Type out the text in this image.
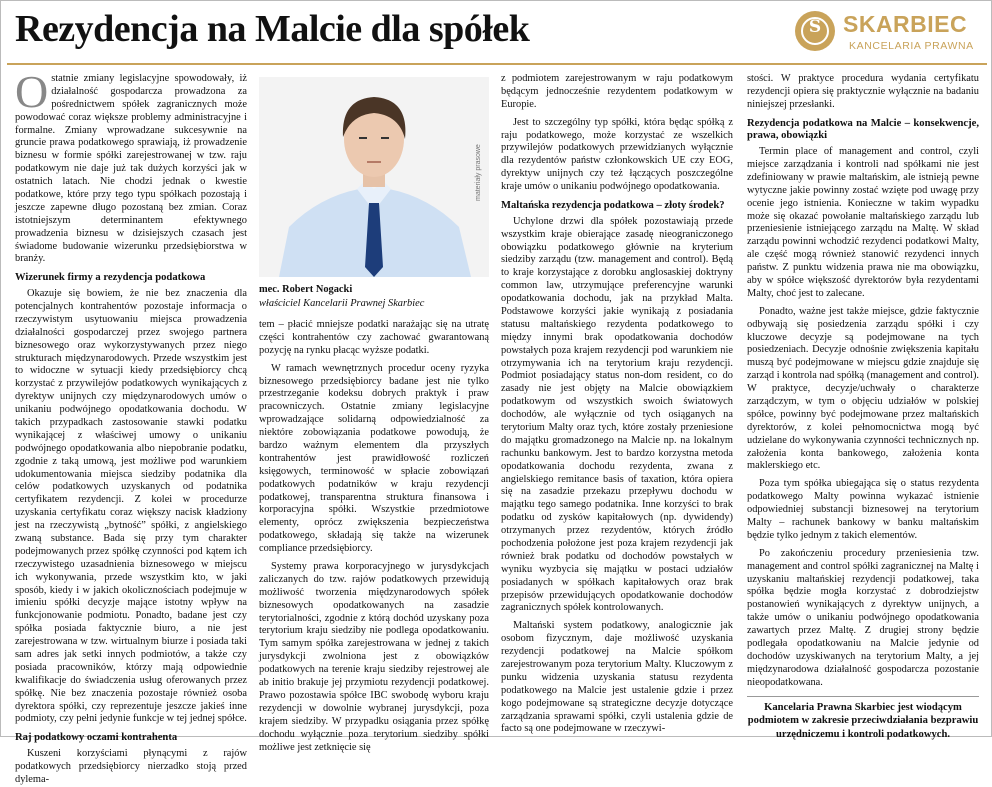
Rezydencja na Malcie dla spółek	S SKARBIEC
KANCELARIA PRAWNA

Ostatnie zmiany legislacyjne spowodowały, iż działalność gospodarcza prowadzona za pośrednictwem spółek zagranicznych może powodować coraz większe problemy administracyjne i formalne. Zmiany wprowadzane sukcesywnie na gruncie prawa podatkowego sprawiają, iż prowadzenie biznesu w formie spółki zarejestrowanej w tzw. raju podatkowym nie daje już tak dużych korzyści jak w ostatnich latach. Nie chodzi jednak o kwestie podatkowe, które przy tego typu spółkach pozostają i jeszcze zapewne długo pozostaną bez zmian. Coraz istotniejszym determinantem efektywnego prowadzenia biznesu w dzisiejszych czasach jest świadome budowanie wizerunku przedsiębiorstwa w branży.

Wizerunek firmy a rezydencja podatkowa

Okazuje się bowiem, że nie bez znaczenia dla potencjalnych kontrahentów pozostaje informacja o rzeczywistym usytuowaniu miejsca prowadzenia działalności gospodarczej przez swojego partnera biznesowego oraz wykorzystywanych przez niego strukturach międzynarodowych. Przede wszystkim jest to widoczne w sytuacji kiedy przedsiębiorcy chcą korzystać z przywilejów podatkowych wynikających z dyrektyw unijnych czy międzynarodowych umów o unikaniu podwójnego opodatkowania dochodu. W takich przypadkach zastosowanie stawki podatku wynikającej z właściwej umowy o unikaniu podwójnego opodatkowania albo niepobranie podatku, zgodnie z taką umową, jest możliwe pod warunkiem udokumentowania miejsca siedziby podatnika dla celów podatkowych uzyskanych od podatnika certyfikatem rezydencji. Z kolei w procedurze uzyskania certyfikatu coraz większy nacisk kładziony jest na rzeczywistą „bytność” spółki, z angielskiego zwaną substance. Bada się przy tym charakter podejmowanych przez spółkę czynności pod kątem ich rzeczywistego uzasadnienia biznesowego w miejscu ich wykonywania, przede wszystkim kto, w jaki sposób, kiedy i w jakich okolicznościach podejmuje w imieniu spółki decyzje mające istotny wpływ na funkcjonowanie podmiotu. Ponadto, badane jest czy spółka posiada faktycznie biuro, a nie jest zarejestrowana w tzw. wirtualnym biurze i posiada taki sam adres jak setki innych podmiotów, a także czy posiada pracowników, którzy mają odpowiednie kwalifikacje do świadczenia usług oferowanych przez spółkę. Nie bez znaczenia pozostaje również osoba dyrektora spółki, czy reprezentuje jeszcze jakieś inne podmioty, czy pełni jedynie funkcje w tej jednej spółce.

Raj podatkowy oczami kontrahenta

Kuszeni korzyściami płynącymi z rajów podatkowych przedsiębiorcy nierzadko stoją przed dylema-

materiały prasowe
mec. Robert Nogacki
właściciel Kancelarii Prawnej Skarbiec

tem – płacić mniejsze podatki narażając się na utratę części kontrahentów czy zachować gwarantowaną pozycję na rynku płacąc wyższe podatki.

W ramach wewnętrznych procedur oceny ryzyka biznesowego przedsiębiorcy badane jest nie tylko przestrzeganie kodeksu dobrych praktyk i praw pracowniczych. Ostatnie zmiany legislacyjne wprowadzające solidarną odpowiedzialność za niektóre zobowiązania podatkowe powodują, że bardzo ważnym elementem dla przyszłych kontrahentów jest prawidłowość rozliczeń księgowych, terminowość w spłacie zobowiązań podatkowych podatników w kraju rezydencji podatkowej, transparentna struktura finansowa i korporacyjna spółki. Wszystkie przedmiotowe elementy, oprócz zwiększenia bezpieczeństwa podatkowego, składają się także na wizerunek compliance przedsiębiorcy.

Systemy prawa korporacyjnego w jurysdykcjach zaliczanych do tzw. rajów podatkowych przewidują możliwość tworzenia międzynarodowych spółek biznesowych opodatkowanych na zasadzie terytorialności, zgodnie z którą dochód uzyskany poza terytorium kraju siedziby nie podlega opodatkowaniu. Tym samym spółka zarejestrowana w jednej z takich jurysdykcji zwolniona jest z obowiązków podatkowych na terenie kraju siedziby rejestrowej ale ab initio brakuje jej przymiotu rezydencji podatkowej. Prawo pozostawia spółce IBC swobodę wyboru kraju rezydencji w dowolnie wybranej jurysdykcji, poza krajem siedziby. W przypadku osiągania przez spółkę dochodu wyłącznie poza terytorium siedziby spółki możliwe jest zetknięcie się

z podmiotem zarejestrowanym w raju podatkowym będącym jednocześnie rezydentem podatkowym w Europie.

Jest to szczególny typ spółki, która będąc spółką z raju podatkowego, może korzystać ze wszelkich przywilejów podatkowych przewidzianych wyłącznie dla rezydentów państw członkowskich UE czy EOG, dyrektyw unijnych czy też łączących poszczególne kraje umów o unikaniu podwójnego opodatkowania.

Maltańska rezydencja podatkowa – złoty środek?

Uchylone drzwi dla spółek pozostawiają przede wszystkim kraje obierające zasadę nieograniczonego obowiązku podatkowego głównie na kryterium siedziby zarządu (tzw. management and control). Będą to kraje korzystające z dorobku anglosaskiej doktryny common law, utrzymujące preferencyjne warunki opodatkowania dochodu, jak na przykład Malta. Podstawowe korzyści jakie wynikają z posiadania statusu maltańskiego rezydenta podatkowego to między innymi brak opodatkowania dochodów powstałych poza krajem rezydencji pod warunkiem nie otrzymywania ich na terytorium kraju rezydencji. Podmiot posiadający status non-dom resident, co do zasady nie jest objęty na Malcie obowiązkiem podatkowym od wszystkich swoich światowych dochodów, ale wyłącznie od tych osiąganych na terytorium Malty oraz tych, które zostały przeniesione do majątku gromadzonego na Malcie np. na lokalnym rachunku bankowym. Jest to bardzo korzystna metoda opodatkowania dochodu rezydenta, zwana z angielskiego remitance basis of taxation, która opiera się na zasadzie przekazu przepływu dochodu w majątku tego samego podatnika. Inne korzyści to brak podatku od zysków kapitałowych (np. dywidendy) otrzymanych przez rezydentów, których źródło pochodzenia położone jest poza krajem rezydencji jak również brak podatku od dochodów powstałych w wyniku wyzbycia się majątku w postaci udziałów posiadanych w spółkach kapitałowych oraz brak przepisów przewidujących opodatkowanie dochodów zagranicznych spółek kontrolowanych.

Maltański system podatkowy, analogicznie jak osobom fizycznym, daje możliwość uzyskania rezydencji podatkowej na Malcie spółkom zarejestrowanym poza terytorium Malty. Kluczowym z punku widzenia uzyskania statusu rezydenta podatkowego na Malcie jest ustalenie gdzie i przez kogo podejmowane są strategiczne decyzje dotyczące zarządzania sprawami spółki, czyli ustalenia gdzie de facto są one podejmowane w rzeczywi-

stości. W praktyce procedura wydania certyfikatu rezydencji opiera się praktycznie wyłącznie na badaniu niniejszej przesłanki.

Rezydencja podatkowa na Malcie – konsekwencje, prawa, obowiązki

Termin place of management and control, czyli miejsce zarządzania i kontroli nad spółkami nie jest zdefiniowany w prawie maltańskim, ale istnieją pewne wytyczne jakie powinny zostać wzięte pod uwagę przy ocenie jego istnienia. Konieczne w takim wypadku może się okazać powołanie maltańskiego zarządu lub przeniesienie istniejącego zarządu na Maltę. W skład zarządu powinni wchodzić rezydenci podatkowi Malty, ale część mogą również stanowić rezydenci innych państw. Z punktu widzenia prawa nie ma obowiązku, aby w spółce większość dyrektorów była rezydentami Malty, choć jest to zalecane.

Ponadto, ważne jest także miejsce, gdzie faktycznie odbywają się posiedzenia zarządu spółki i czy kluczowe decyzje są podejmowane na tych posiedzeniach. Decyzje odnośnie zwiększenia kapitału muszą być podejmowane w miejscu gdzie znajduje się zarząd i kontrola nad spółką (management and control). W praktyce, decyzje/uchwały o charakterze zarządczym, w tym o objęciu udziałów w polskiej spółce, powinny być podejmowane przez maltańskich dyrektorów, z kolei pełnomocnictwa mogą być udzielane do wykonywania czynności technicznych np. założenia konta bankowego, założenia konta maklerskiego etc.

Poza tym spółka ubiegająca się o status rezydenta podatkowego Malty powinna wykazać istnienie odpowiedniej substancji biznesowej na terytorium Malty – rachunek bankowy w banku maltańskim będzie tylko jednym z takich elementów.

Po zakończeniu procedury przeniesienia tzw. management and control spółki zagranicznej na Maltę i uzyskaniu maltańskiej rezydencji podatkowej, taka spółka będzie mogła korzystać z dobrodziejstw postanowień wynikających z dyrektyw unijnych, a także umów o unikaniu podwójnego opodatkowania zawartych przez Maltę. Z drugiej strony będzie podlegała opodatkowaniu na Malcie jedynie od dochodów uzyskiwanych na terytorium Malty, a jej międzynarodowa działalność gospodarcza pozostanie nieopodatkowana.

Kancelaria Prawna Skarbiec jest wiodącym podmiotem w zakresie przeciwdziałania bezprawiu urzędniczemu i kontroli podatkowych.
